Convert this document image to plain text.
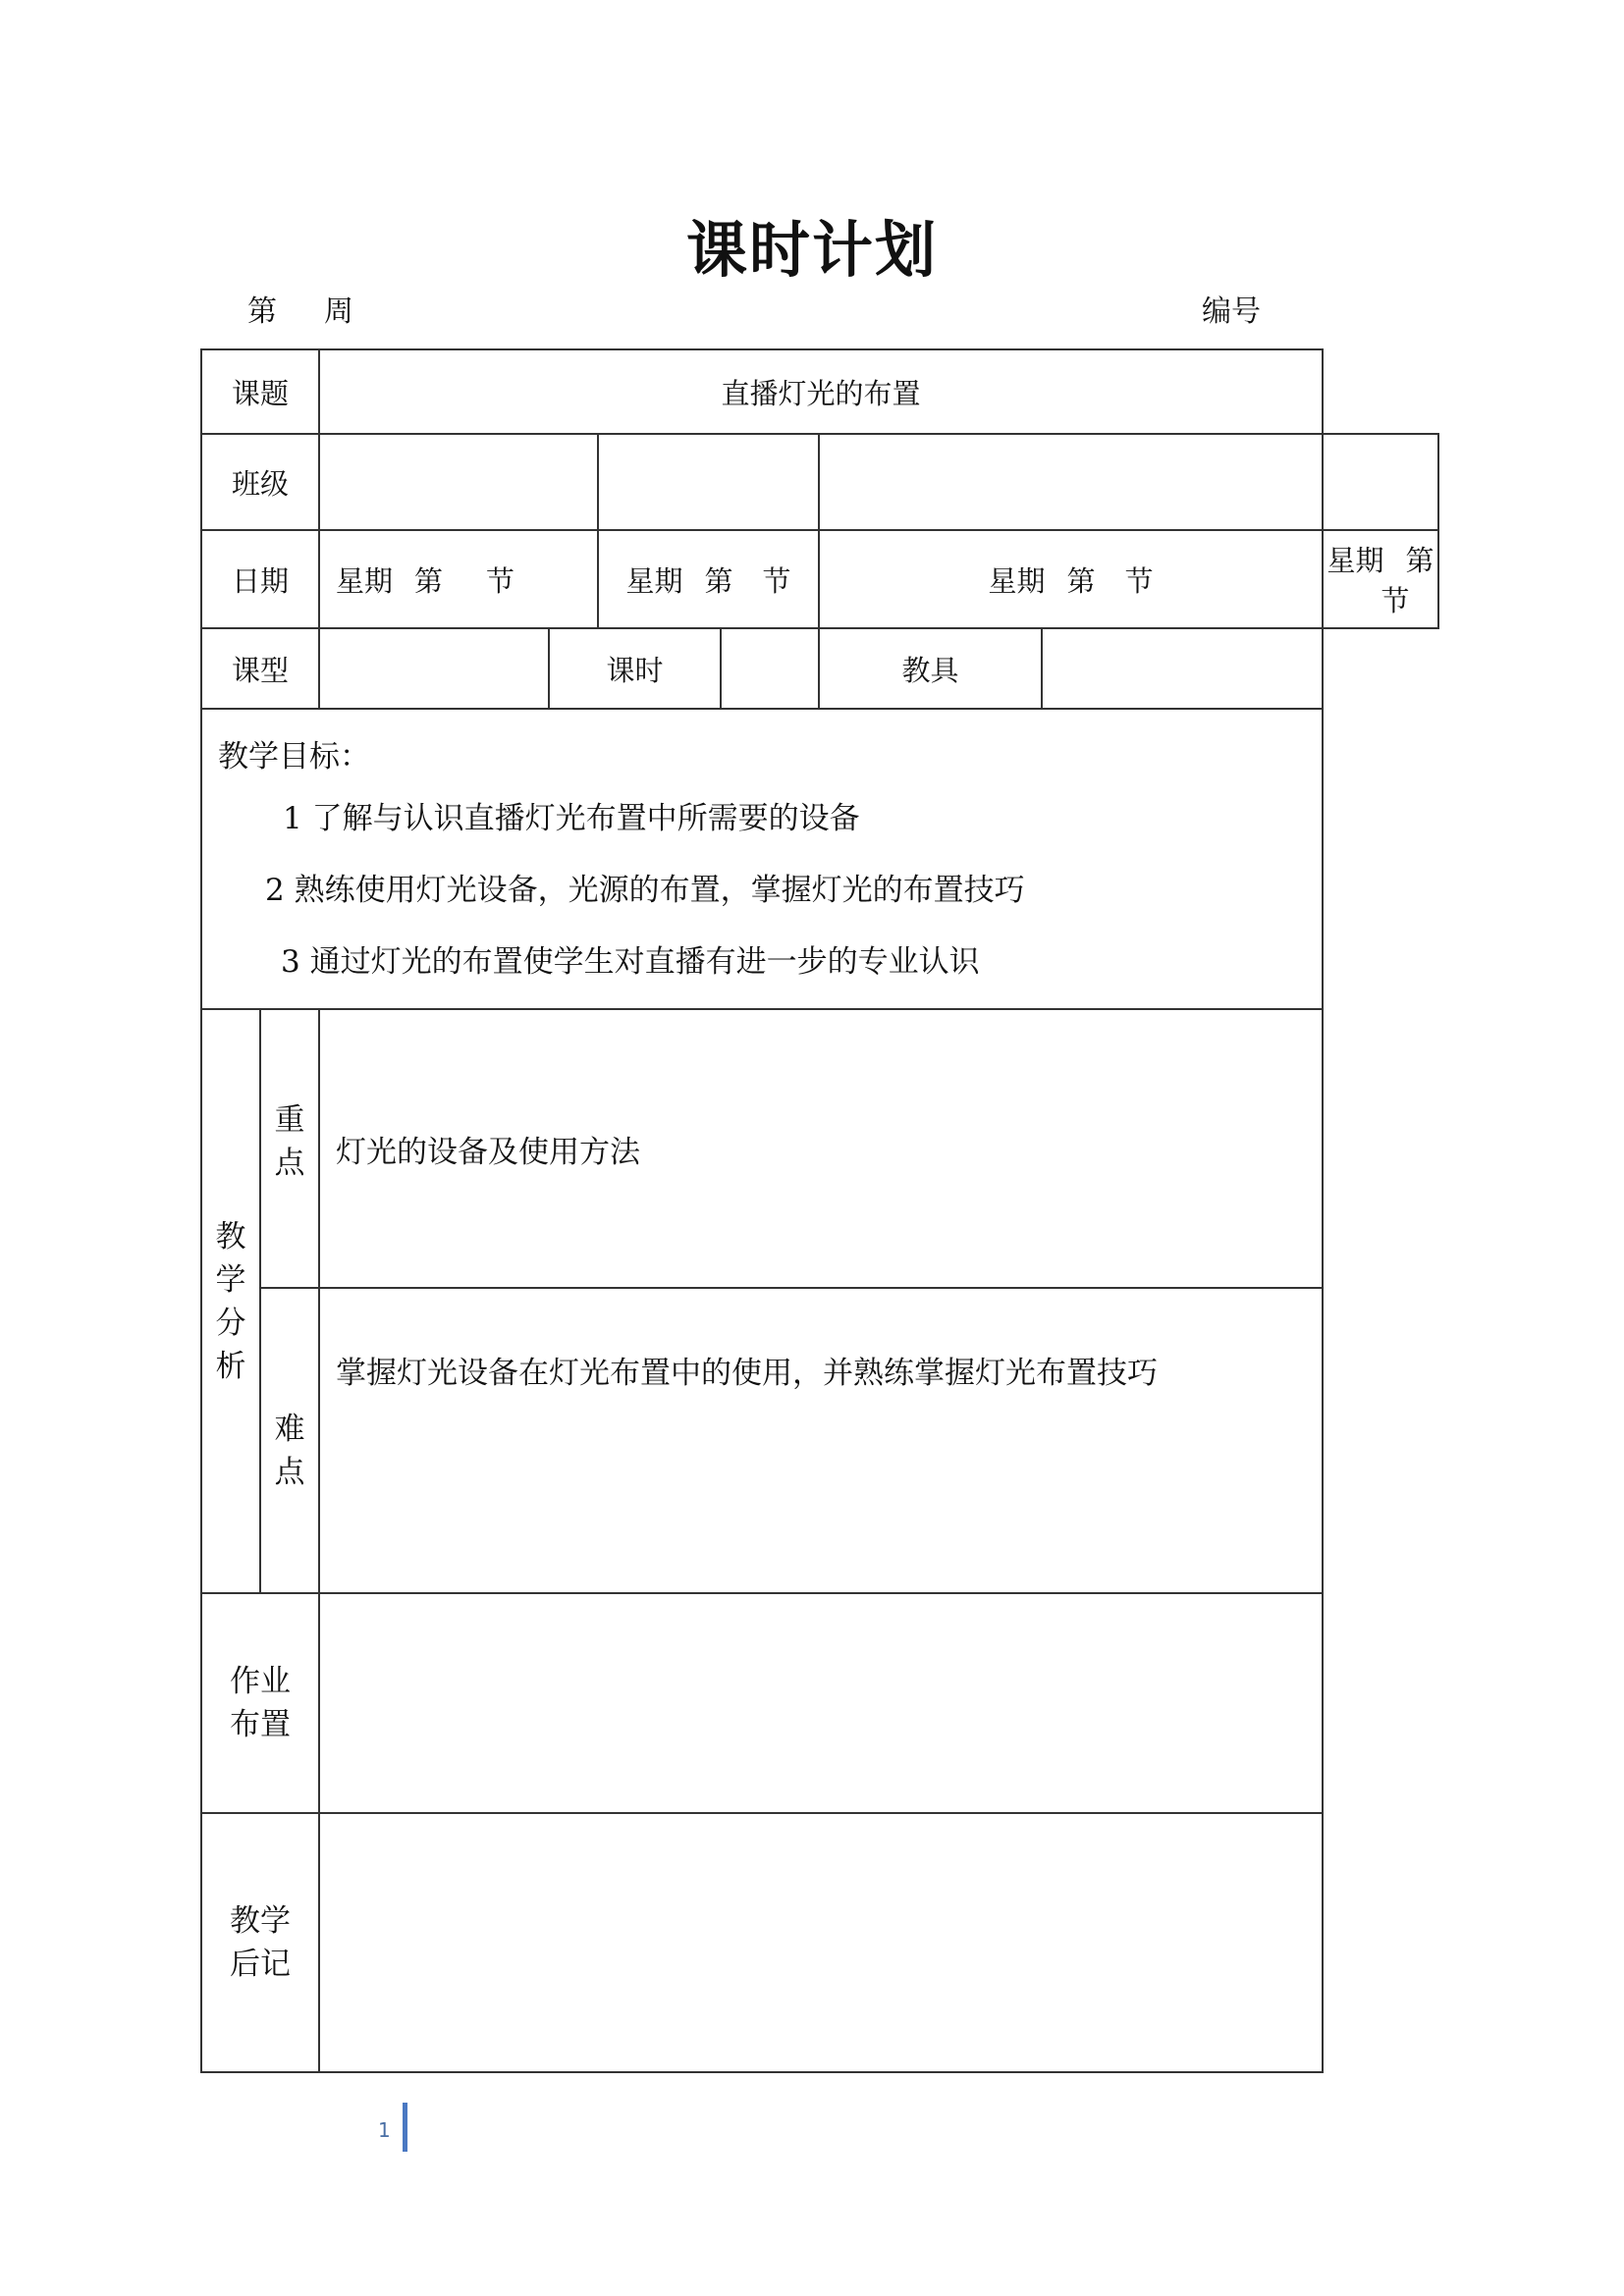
课时计划
第 周	编号
课题		直播灯光的布置						
班级								
日期		星期 第 节		星期 第 节		星期 第 节		星期 第节
课型			课时			教具		

教学目标：
1 了解与认识直播灯光布置中所需要的设备
2 熟练使用灯光设备，光源的布置，掌握灯光的布置技巧
3 通过灯光的布置使学生对直播有进一步的专业认识								

教学分析	重点	灯光的设备及使用方法						

	难点	掌握灯光设备在灯光布置中的使用，并熟练掌握灯光布置技巧						

作业
布置								

教学
后记								

1
